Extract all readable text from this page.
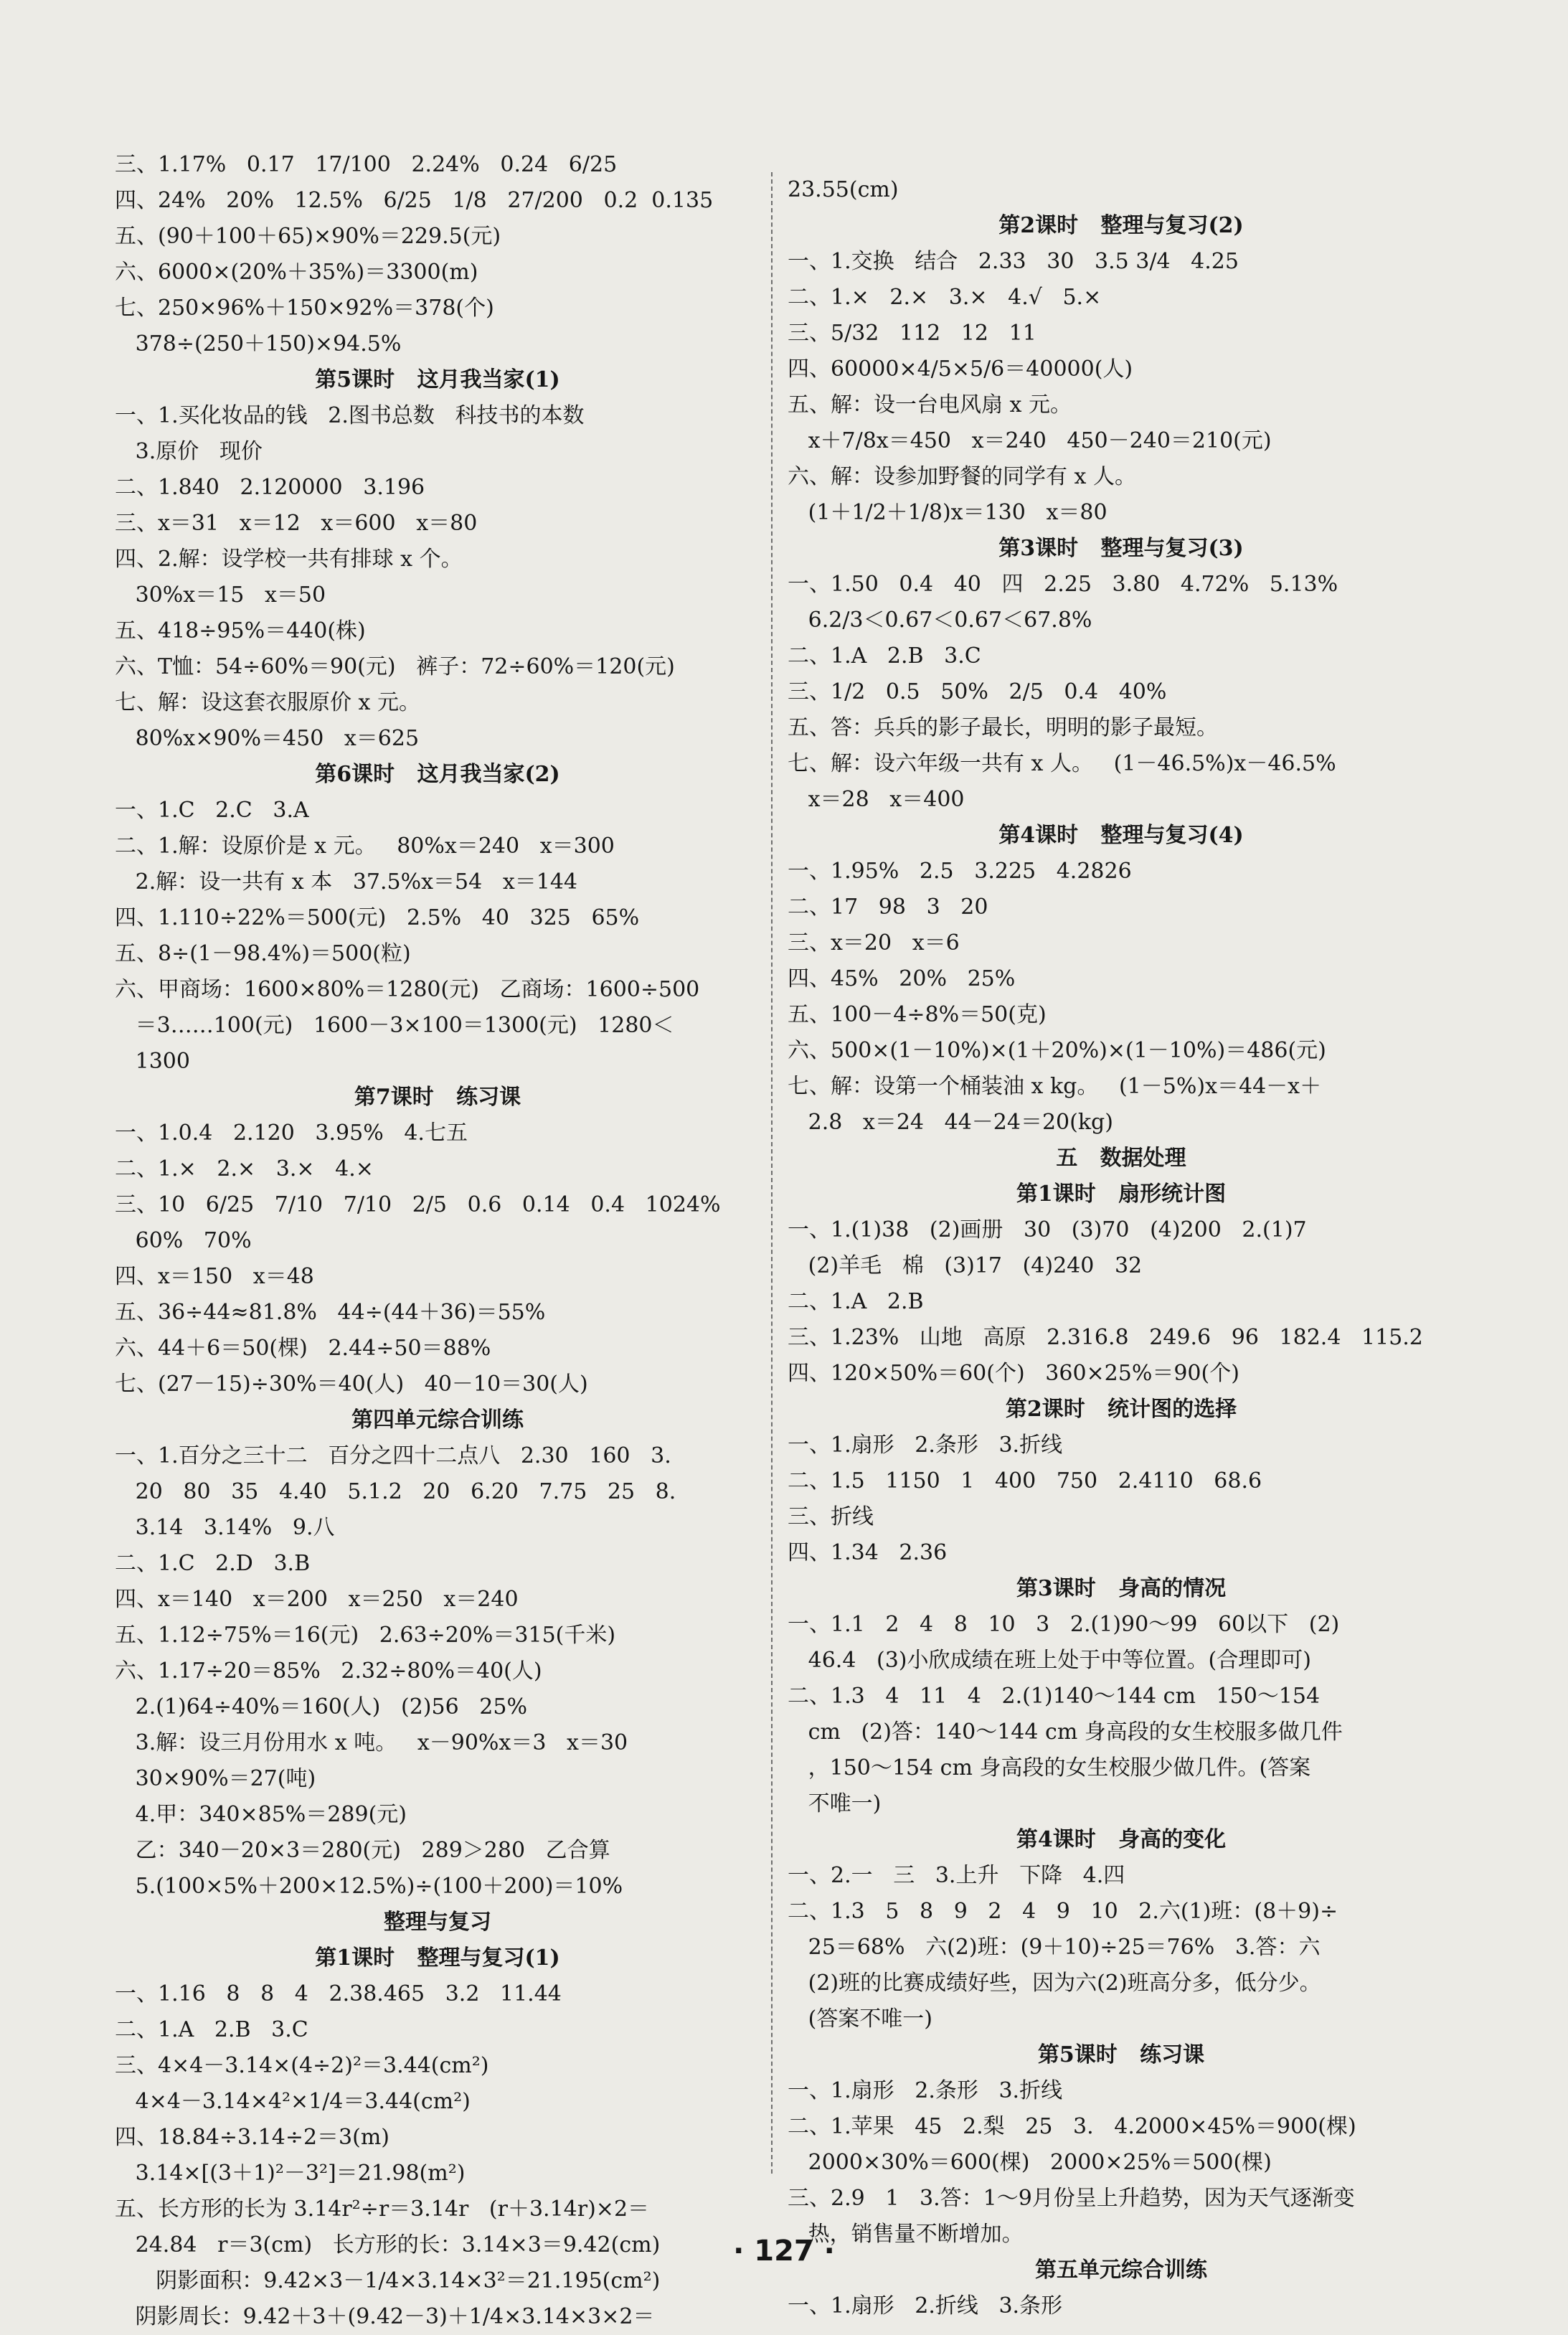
三、1.17%   0.17   17/100   2.24%   0.24   6/25
四、24%   20%   12.5%   6/25   1/8   27/200   0.2  0.135
五、(90＋100＋65)×90%＝229.5(元)
六、6000×(20%＋35%)＝3300(m)
七、250×96%＋150×92%＝378(个)
378÷(250＋150)×94.5%
第5课时   这月我当家(1)
一、1.买化妆品的钱   2.图书总数   科技书的本数
3.原价   现价
二、1.840   2.120000   3.196
三、x＝31   x＝12   x＝600   x＝80
四、2.解：设学校一共有排球 x 个。
30%x＝15   x＝50
五、418÷95%＝440(株)
六、T恤：54÷60%＝90(元)   裤子：72÷60%＝120(元)
七、解：设这套衣服原价 x 元。
80%x×90%＝450   x＝625
第6课时   这月我当家(2)
一、1.C   2.C   3.A
二、1.解：设原价是 x 元。   80%x＝240   x＝300
2.解：设一共有 x 本   37.5%x＝54   x＝144
四、1.110÷22%＝500(元)   2.5%   40   325   65%
五、8÷(1－98.4%)＝500(粒)
六、甲商场：1600×80%＝1280(元)   乙商场：1600÷500
＝3……100(元)   1600－3×100＝1300(元)   1280＜
1300
第7课时   练习课
一、1.0.4   2.120   3.95%   4.七五
二、1.×   2.×   3.×   4.×
三、10   6/25   7/10   7/10   2/5   0.6   0.14   0.4   1024%
60%   70%
四、x＝150   x＝48
五、36÷44≈81.8%   44÷(44＋36)＝55%
六、44＋6＝50(棵)   2.44÷50＝88%
七、(27－15)÷30%＝40(人)   40－10＝30(人)
第四单元综合训练
一、1.百分之三十二   百分之四十二点八   2.30   160   3.
20   80   35   4.40   5.1.2   20   6.20   7.75   25   8.
3.14   3.14%   9.八
二、1.C   2.D   3.B
四、x＝140   x＝200   x＝250   x＝240
五、1.12÷75%＝16(元)   2.63÷20%＝315(千米)
六、1.17÷20＝85%   2.32÷80%＝40(人)
2.(1)64÷40%＝160(人)   (2)56   25%
3.解：设三月份用水 x 吨。   x－90%x＝3   x＝30
30×90%＝27(吨)
4.甲：340×85%＝289(元)
乙：340－20×3＝280(元)   289＞280   乙合算
5.(100×5%＋200×12.5%)÷(100＋200)＝10%
整理与复习
第1课时   整理与复习(1)
一、1.16   8   8   4   2.38.465   3.2   11.44
二、1.A   2.B   3.C
三、4×4－3.14×(4÷2)²＝3.44(cm²)
4×4－3.14×4²×1/4＝3.44(cm²)
四、18.84÷3.14÷2＝3(m)
3.14×[(3＋1)²－3²]＝21.98(m²)
五、长方形的长为 3.14r²÷r＝3.14r   (r＋3.14r)×2＝
24.84   r＝3(cm)   长方形的长：3.14×3＝9.42(cm)
阴影面积：9.42×3－1/4×3.14×3²＝21.195(cm²)
阴影周长：9.42＋3＋(9.42－3)＋1/4×3.14×3×2＝
23.55(cm)
第2课时   整理与复习(2)
一、1.交换   结合   2.33   30   3.5 3/4   4.25
二、1.×   2.×   3.×   4.√   5.×
三、5/32   112   12   11
四、60000×4/5×5/6＝40000(人)
五、解：设一台电风扇 x 元。
x＋7/8x＝450   x＝240   450－240＝210(元)
六、解：设参加野餐的同学有 x 人。
(1＋1/2＋1/8)x＝130   x＝80
第3课时   整理与复习(3)
一、1.50   0.4   40   四   2.25   3.80   4.72%   5.13%
6.2/3＜0.67＜0.67＜67.8%
二、1.A   2.B   3.C
三、1/2   0.5   50%   2/5   0.4   40%
五、答：兵兵的影子最长，明明的影子最短。
七、解：设六年级一共有 x 人。   (1－46.5%)x－46.5%
x＝28   x＝400
第4课时   整理与复习(4)
一、1.95%   2.5   3.225   4.2826
二、17   98   3   20
三、x＝20   x＝6
四、45%   20%   25%
五、100－4÷8%＝50(克)
六、500×(1－10%)×(1＋20%)×(1－10%)＝486(元)
七、解：设第一个桶装油 x kg。   (1－5%)x＝44－x＋
2.8   x＝24   44－24＝20(kg)
五   数据处理
第1课时   扇形统计图
一、1.(1)38   (2)画册   30   (3)70   (4)200   2.(1)7
(2)羊毛   棉   (3)17   (4)240   32
二、1.A   2.B
三、1.23%   山地   高原   2.316.8   249.6   96   182.4   115.2
四、120×50%＝60(个)   360×25%＝90(个)
第2课时   统计图的选择
一、1.扇形   2.条形   3.折线
二、1.5   1150   1   400   750   2.4110   68.6
三、折线
四、1.34   2.36
第3课时   身高的情况
一、1.1   2   4   8   10   3   2.(1)90～99   60以下   (2)
46.4   (3)小欣成绩在班上处于中等位置。(合理即可)
二、1.3   4   11   4   2.(1)140～144 cm   150～154
cm   (2)答：140～144 cm 身高段的女生校服多做几件
，150～154 cm 身高段的女生校服少做几件。(答案
不唯一)
第4课时   身高的变化
一、2.一   三   3.上升   下降   4.四
二、1.3   5   8   9   2   4   9   10   2.六(1)班：(8＋9)÷
25＝68%   六(2)班：(9＋10)÷25＝76%   3.答：六
(2)班的比赛成绩好些，因为六(2)班高分多，低分少。
(答案不唯一)
第5课时   练习课
一、1.扇形   2.条形   3.折线
二、1.苹果   45   2.梨   25   3.   4.2000×45%＝900(棵)
2000×30%＝600(棵)   2000×25%＝500(棵)
三、2.9   1   3.答：1～9月份呈上升趋势，因为天气逐渐变
热，销售量不断增加。
第五单元综合训练
一、1.扇形   2.折线   3.条形
· 127 ·
